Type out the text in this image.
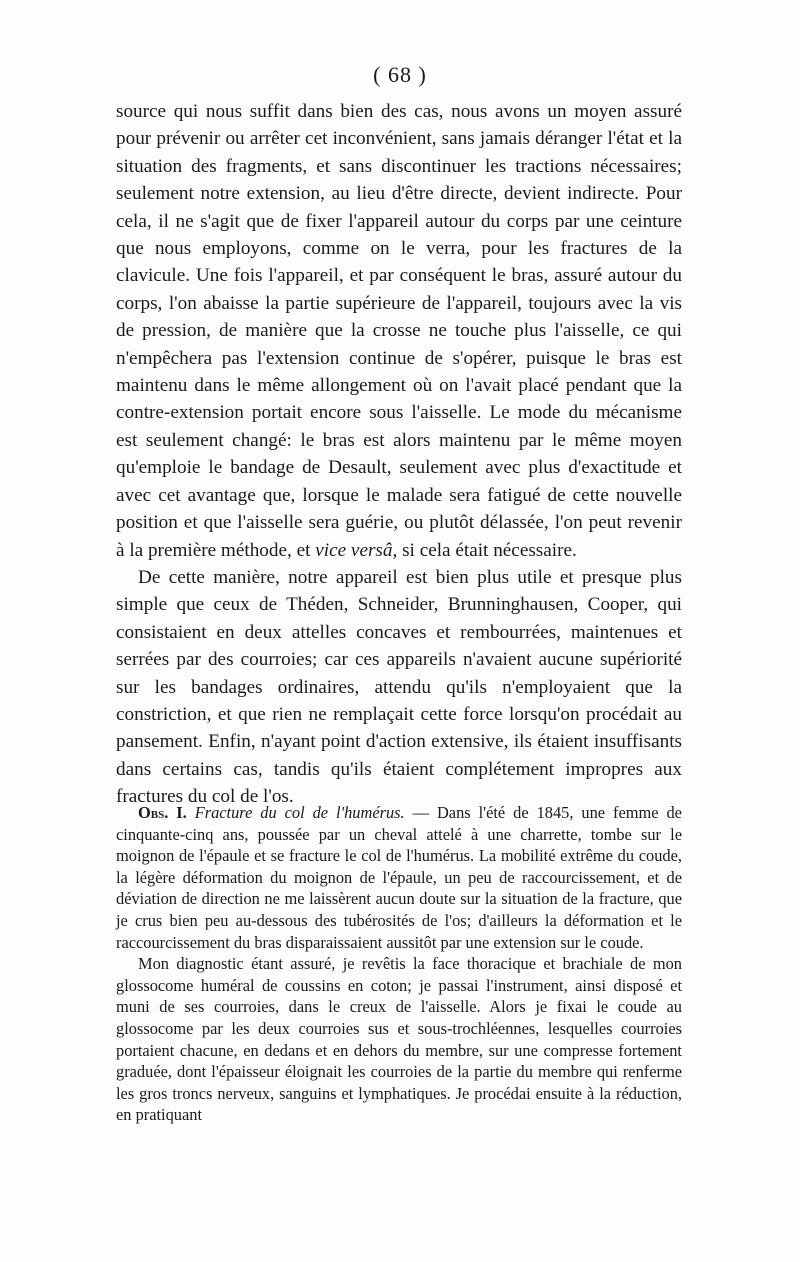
( 68 )

source qui nous suffit dans bien des cas, nous avons un moyen assuré pour prévenir ou arrêter cet inconvénient, sans jamais déranger l'état et la situation des fragments, et sans discontinuer les tractions nécessaires; seulement notre extension, au lieu d'être directe, devient indirecte. Pour cela, il ne s'agit que de fixer l'appareil autour du corps par une ceinture que nous employons, comme on le verra, pour les fractures de la clavicule. Une fois l'appareil, et par conséquent le bras, assuré autour du corps, l'on abaisse la partie supérieure de l'appareil, toujours avec la vis de pression, de manière que la crosse ne touche plus l'aisselle, ce qui n'empêchera pas l'extension continue de s'opérer, puisque le bras est maintenu dans le même allongement où on l'avait placé pendant que la contre-extension portait encore sous l'aisselle. Le mode du mécanisme est seulement changé: le bras est alors maintenu par le même moyen qu'emploie le bandage de Desault, seulement avec plus d'exactitude et avec cet avantage que, lorsque le malade sera fatigué de cette nouvelle position et que l'aisselle sera guérie, ou plutôt délassée, l'on peut revenir à la première méthode, et vice versâ, si cela était nécessaire.

De cette manière, notre appareil est bien plus utile et presque plus simple que ceux de Théden, Schneider, Brunninghausen, Cooper, qui consistaient en deux attelles concaves et rembourrées, maintenues et serrées par des courroies; car ces appareils n'avaient aucune supériorité sur les bandages ordinaires, attendu qu'ils n'employaient que la constriction, et que rien ne remplaçait cette force lorsqu'on procédait au pansement. Enfin, n'ayant point d'action extensive, ils étaient insuffisants dans certains cas, tandis qu'ils étaient complétement impropres aux fractures du col de l'os.

Obs. I. Fracture du col de l'humérus. — Dans l'été de 1845, une femme de cinquante-cinq ans, poussée par un cheval attelé à une charrette, tombe sur le moignon de l'épaule et se fracture le col de l'humérus. La mobilité extrême du coude, la légère déformation du moignon de l'épaule, un peu de raccourcissement, et de déviation de direction ne me laissèrent aucun doute sur la situation de la fracture, que je crus bien peu au-dessous des tubérosités de l'os; d'ailleurs la déformation et le raccourcissement du bras disparaissaient aussitôt par une extension sur le coude.

Mon diagnostic étant assuré, je revêtis la face thoracique et brachiale de mon glossocome huméral de coussins en coton; je passai l'instrument, ainsi disposé et muni de ses courroies, dans le creux de l'aisselle. Alors je fixai le coude au glossocome par les deux courroies sus et sous-trochléennes, lesquelles courroies portaient chacune, en dedans et en dehors du membre, sur une compresse fortement graduée, dont l'épaisseur éloignait les courroies de la partie du membre qui renferme les gros troncs nerveux, sanguins et lymphatiques. Je procédai ensuite à la réduction, en pratiquant
